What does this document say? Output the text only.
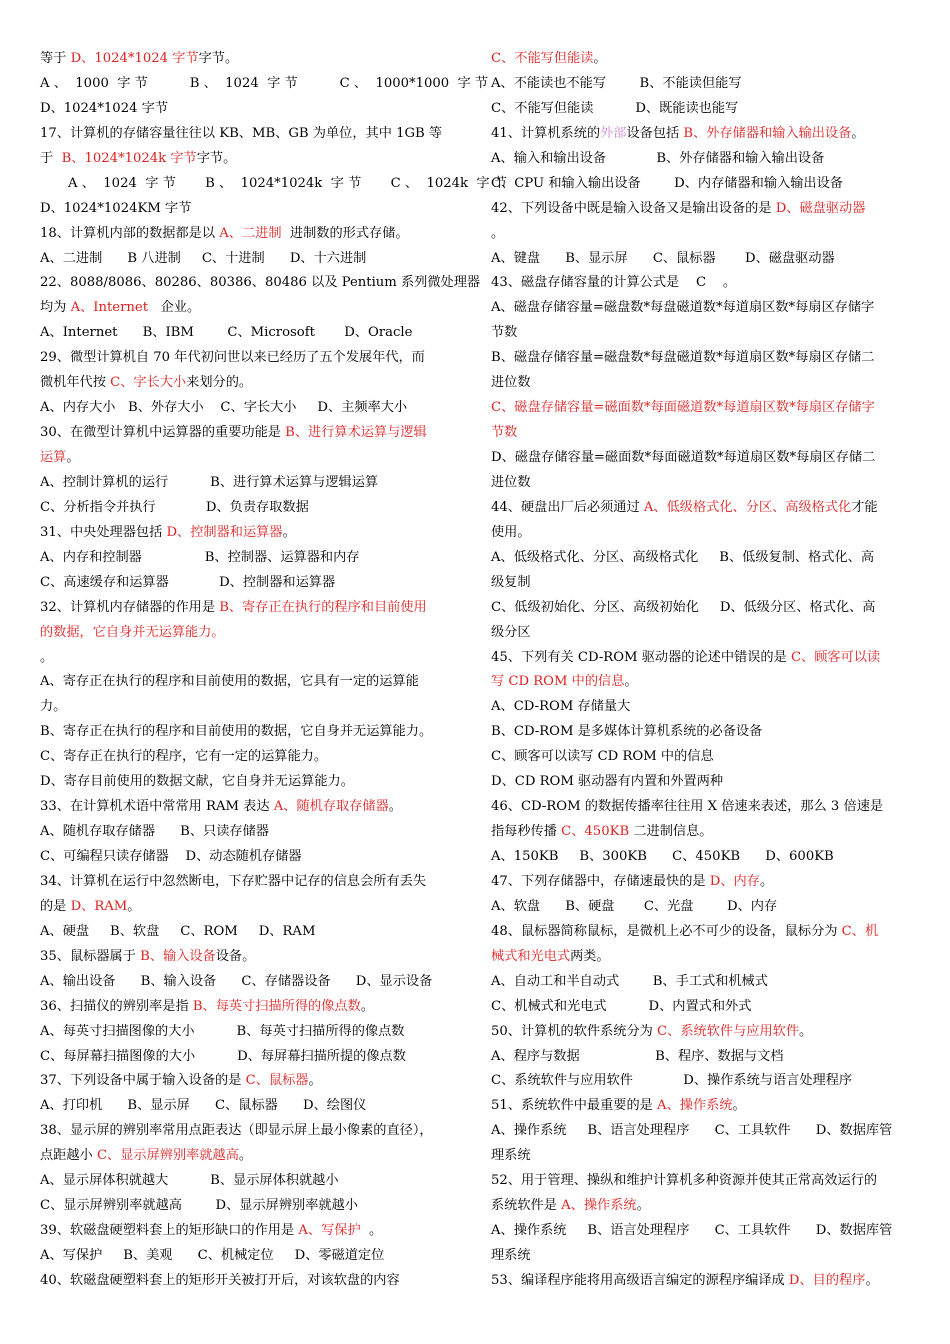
等于 D、1024*1024 字节字节。
A 、  1000  字 节          B 、  1024  字 节          C 、  1000*1000  字 节
D、1024*1024 字节
17、计算机的存储容量往往以 KB、MB、GB 为单位，其中 1GB 等
于  B、1024*1024k 字节字节。
A 、  1024  字 节       B 、  1024*1024k  字 节       C 、  1024k  字 节
D、1024*1024KM 字节
18、计算机内部的数据都是以 A、二进制  进制数的形式存储。
A、二进制      B 八进制     C、十进制      D、十六进制
22、8088/8086、80286、80386、80486 以及 Pentium 系列微处理器
均为 A、Internet   企业。
A、Internet      B、IBM        C、Microsoft       D、Oracle
29、微型计算机自 70 年代初问世以来已经历了五个发展年代，而
微机年代按 C、字长大小来划分的。
A、内存大小   B、外存大小    C、字长大小     D、主频率大小
30、在微型计算机中运算器的重要功能是 B、进行算术运算与逻辑
运算。
A、控制计算机的运行          B、进行算术运算与逻辑运算
C、分析指令并执行            D、负责存取数据
31、中央处理器包括 D、控制器和运算器。
A、内存和控制器               B、控制器、运算器和内存
C、高速缓存和运算器            D、控制器和运算器
32、计算机内存储器的作用是 B、寄存正在执行的程序和目前使用
的数据，它自身并无运算能力。
。
A、寄存正在执行的程序和目前使用的数据，它具有一定的运算能
力。
B、寄存正在执行的程序和目前使用的数据，它自身并无运算能力。
C、寄存正在执行的程序，它有一定的运算能力。
D、寄存目前使用的数据文献，它自身并无运算能力。
33、在计算机术语中常常用 RAM 表达 A、随机存取存储器。
A、随机存取存储器      B、只读存储器
C、可编程只读存储器    D、动态随机存储器
34、计算机在运行中忽然断电，下存贮器中记存的信息会所有丢失
的是 D、RAM。
A、硬盘     B、软盘     C、ROM     D、RAM
35、鼠标器属于 B、输入设备设备。
A、输出设备      B、输入设备      C、存储器设备      D、显示设备
36、扫描仪的辨别率是指 B、每英寸扫描所得的像点数。
A、每英寸扫描图像的大小          B、每英寸扫描所得的像点数
C、每屏幕扫描图像的大小          D、每屏幕扫描所提的像点数
37、下列设备中属于输入设备的是 C、鼠标器。
A、打印机      B、显示屏      C、鼠标器      D、绘图仪
38、显示屏的辨别率常用点距表达（即显示屏上最小像素的直径），
点距越小 C、显示屏辨别率就越高。
A、显示屏体积就越大          B、显示屏体积就越小
C、显示屏辨别率就越高        D、显示屏辨别率就越小
39、软磁盘硬塑料套上的矩形缺口的作用是 A、写保护  。
A、写保护     B、美观      C、机械定位     D、零磁道定位
40、软磁盘硬塑料套上的矩形开关被打开后，对该软盘的内容
C、不能写但能读。
A、不能读也不能写        B、不能读但能写
C、不能写但能读          D、既能读也能写
41、计算机系统的外部设备包括 B、外存储器和输入输出设备。
A、输入和输出设备            B、外存储器和输入输出设备
C、CPU 和输入输出设备        D、内存储器和输入输出设备
42、下列设备中既是输入设备又是输出设备的是 D、磁盘驱动器
。
A、键盘      B、显示屏      C、鼠标器       D、磁盘驱动器
43、磁盘存储容量的计算公式是    C    。
A、磁盘存储容量=磁盘数*每盘磁道数*每道扇区数*每扇区存储字
节数
B、磁盘存储容量=磁盘数*每盘磁道数*每道扇区数*每扇区存储二
进位数
C、磁盘存储容量=磁面数*每面磁道数*每道扇区数*每扇区存储字
节数
D、磁盘存储容量=磁面数*每面磁道数*每道扇区数*每扇区存储二
进位数
44、硬盘出厂后必须通过 A、低级格式化、分区、高级格式化才能
使用。
A、低级格式化、分区、高级格式化     B、低级复制、格式化、高
级复制
C、低级初始化、分区、高级初始化     D、低级分区、格式化、高
级分区
45、下列有关 CD-ROM 驱动器的论述中错误的是 C、顾客可以读
写 CD ROM 中的信息。
A、CD-ROM 存储量大
B、CD-ROM 是多媒体计算机系统的必备设备
C、顾客可以读写 CD ROM 中的信息
D、CD ROM 驱动器有内置和外置两种
46、CD-ROM 的数据传播率往往用 X 倍速来表述，那么 3 倍速是
指每秒传播 C、450KB 二进制信息。
A、150KB     B、300KB      C、450KB      D、600KB
47、下列存储器中，存储速最快的是 D、内存。
A、软盘      B、硬盘       C、光盘        D、内存
48、鼠标器简称鼠标，是微机上必不可少的设备，鼠标分为 C、机
械式和光电式两类。
A、自动工和半自动式        B、手工式和机械式
C、机械式和光电式          D、内置式和外式
50、计算机的软件系统分为 C、系统软件与应用软件。
A、程序与数据                  B、程序、数据与文档
C、系统软件与应用软件            D、操作系统与语言处理程序
51、系统软件中最重要的是 A、操作系统。
A、操作系统     B、语言处理程序      C、工具软件      D、数据库管
理系统
52、用于管理、操纵和维护计算机多种资源并使其正常高效运行的
系统软件是 A、操作系统。
A、操作系统     B、语言处理程序      C、工具软件      D、数据库管
理系统
53、编译程序能将用高级语言编定的源程序编译成 D、目的程序。
